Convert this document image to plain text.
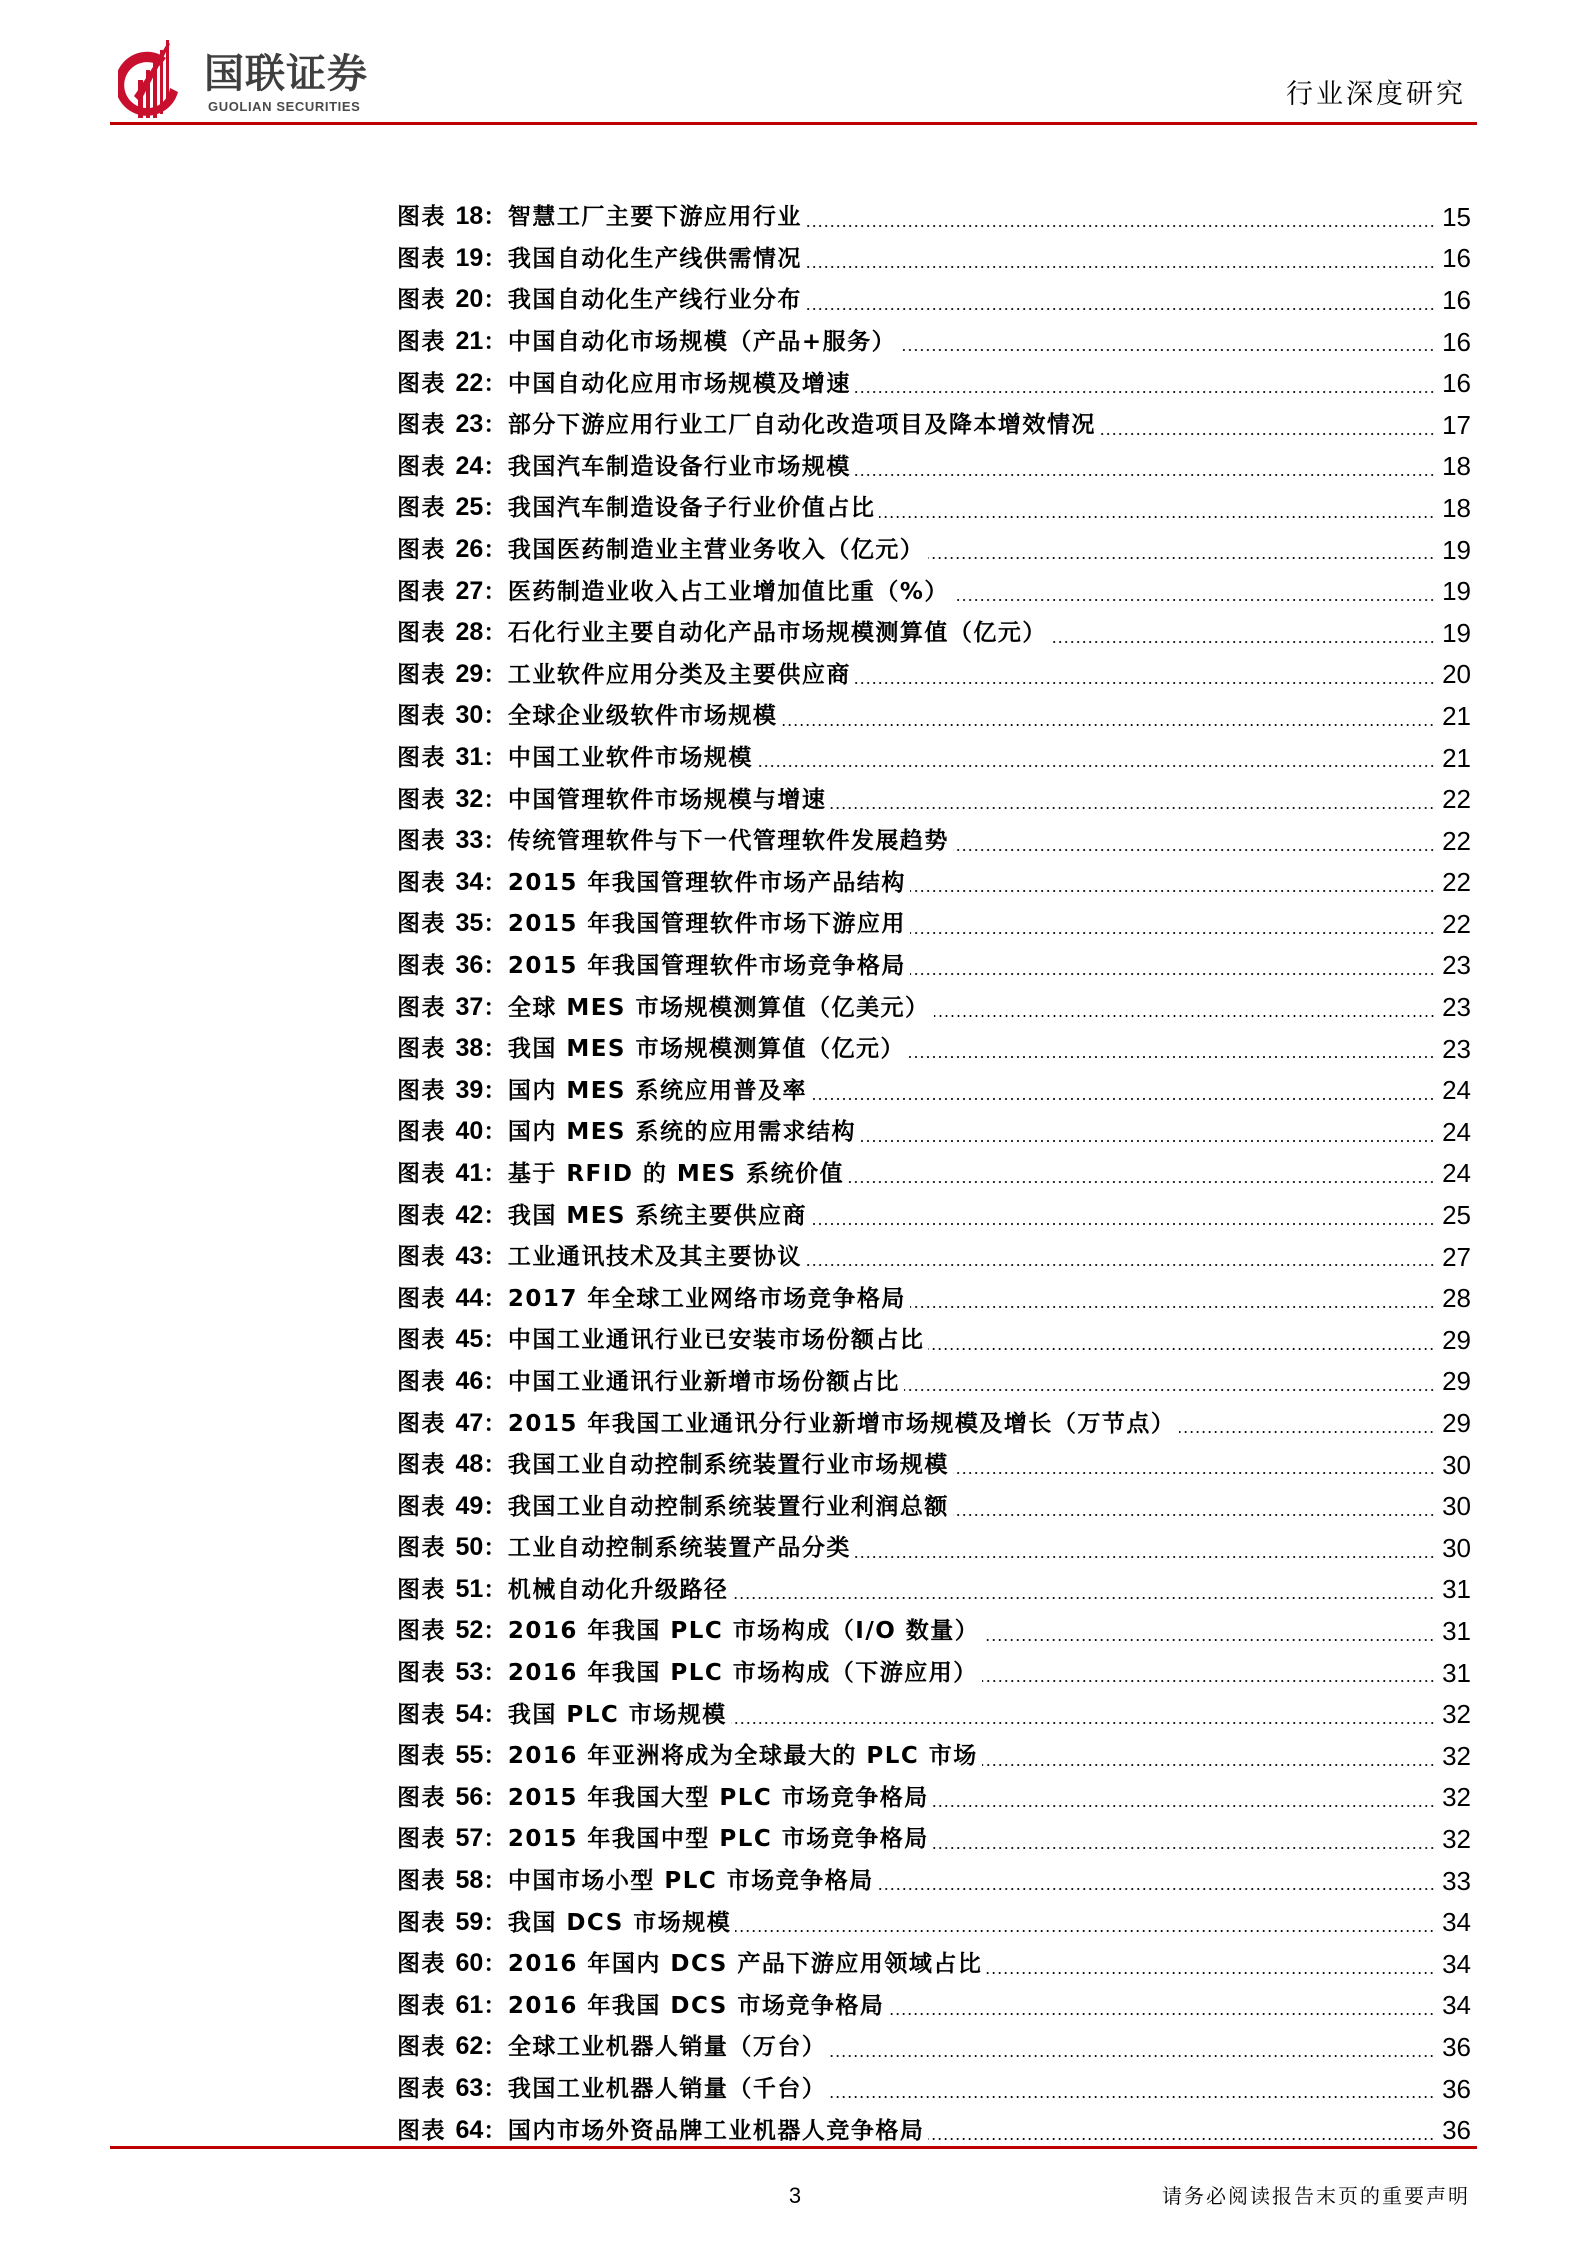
国联证券
GUOLIAN SECURITIES	行业深度研究
图表 18：智慧工厂主要下游应用行业	15
图表 19：我国自动化生产线供需情况	16
图表 20：我国自动化生产线行业分布	16
图表 21：中国自动化市场规模（产品+服务）	16
图表 22：中国自动化应用市场规模及增速	16
图表 23：部分下游应用行业工厂自动化改造项目及降本增效情况	17
图表 24：我国汽车制造设备行业市场规模	18
图表 25：我国汽车制造设备子行业价值占比	18
图表 26：我国医药制造业主营业务收入（亿元）	19
图表 27：医药制造业收入占工业增加值比重（%）	19
图表 28：石化行业主要自动化产品市场规模测算值（亿元）	19
图表 29：工业软件应用分类及主要供应商	20
图表 30：全球企业级软件市场规模	21
图表 31：中国工业软件市场规模	21
图表 32：中国管理软件市场规模与增速	22
图表 33：传统管理软件与下一代管理软件发展趋势	22
图表 34：2015 年我国管理软件市场产品结构	22
图表 35：2015 年我国管理软件市场下游应用	22
图表 36：2015 年我国管理软件市场竞争格局	23
图表 37：全球 MES 市场规模测算值（亿美元）	23
图表 38：我国 MES 市场规模测算值（亿元）	23
图表 39：国内 MES 系统应用普及率	24
图表 40：国内 MES 系统的应用需求结构	24
图表 41：基于 RFID 的 MES 系统价值	24
图表 42：我国 MES 系统主要供应商	25
图表 43：工业通讯技术及其主要协议	27
图表 44：2017 年全球工业网络市场竞争格局	28
图表 45：中国工业通讯行业已安装市场份额占比	29
图表 46：中国工业通讯行业新增市场份额占比	29
图表 47：2015 年我国工业通讯分行业新增市场规模及增长（万节点）	29
图表 48：我国工业自动控制系统装置行业市场规模	30
图表 49：我国工业自动控制系统装置行业利润总额	30
图表 50：工业自动控制系统装置产品分类	30
图表 51：机械自动化升级路径	31
图表 52：2016 年我国 PLC 市场构成（I/O 数量）	31
图表 53：2016 年我国 PLC 市场构成（下游应用）	31
图表 54：我国 PLC 市场规模	32
图表 55：2016 年亚洲将成为全球最大的 PLC 市场	32
图表 56：2015 年我国大型 PLC 市场竞争格局	32
图表 57：2015 年我国中型 PLC 市场竞争格局	32
图表 58：中国市场小型 PLC 市场竞争格局	33
图表 59：我国 DCS 市场规模	34
图表 60：2016 年国内 DCS 产品下游应用领域占比	34
图表 61：2016 年我国 DCS 市场竞争格局	34
图表 62：全球工业机器人销量（万台）	36
图表 63：我国工业机器人销量（千台）	36
图表 64：国内市场外资品牌工业机器人竞争格局	36
3	请务必阅读报告末页的重要声明
